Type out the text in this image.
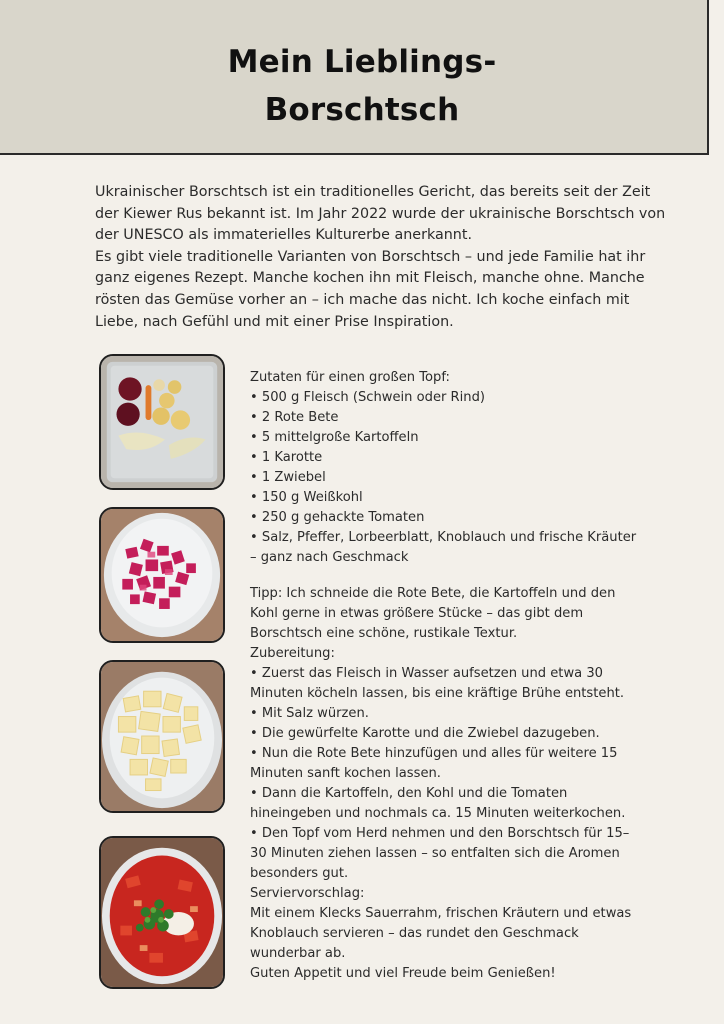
Mein Lieblings-
Borschtsch

Ukrainischer Borschtsch ist ein traditionelles Gericht, das bereits seit der Zeit der Kiewer Rus bekannt ist. Im Jahr 2022 wurde der ukrainische Borschtsch von der UNESCO als immaterielles Kulturerbe anerkannt.

Es gibt viele traditionelle Varianten von Borschtsch – und jede Familie hat ihr ganz eigenes Rezept. Manche kochen ihn mit Fleisch, manche ohne. Manche rösten das Gemüse vorher an – ich mache das nicht. Ich koche einfach mit Liebe, nach Gefühl und mit einer Prise Inspiration.

Zutaten für einen großen Topf:
• 500 g Fleisch (Schwein oder Rind)
• 2 Rote Bete
• 5 mittelgroße Kartoffeln
• 1 Karotte
• 1 Zwiebel
• 150 g Weißkohl
• 250 g gehackte Tomaten
• Salz, Pfeffer, Lorbeerblatt, Knoblauch und frische Kräuter
– ganz nach Geschmack
Tipp: Ich schneide die Rote Bete, die Kartoffeln und den
Kohl gerne in etwas größere Stücke – das gibt dem
Borschtsch eine schöne, rustikale Textur.
Zubereitung:
• Zuerst das Fleisch in Wasser aufsetzen und etwa 30
Minuten köcheln lassen, bis eine kräftige Brühe entsteht.
• Mit Salz würzen.
• Die gewürfelte Karotte und die Zwiebel dazugeben.
• Nun die Rote Bete hinzufügen und alles für weitere 15
Minuten sanft kochen lassen.
• Dann die Kartoffeln, den Kohl und die Tomaten
hineingeben und nochmals ca. 15 Minuten weiterkochen.
• Den Topf vom Herd nehmen und den Borschtsch für 15–
30 Minuten ziehen lassen – so entfalten sich die Aromen
besonders gut.
Serviervorschlag:
Mit einem Klecks Sauerrahm, frischen Kräutern und etwas
Knoblauch servieren – das rundet den Geschmack
wunderbar ab.
Guten Appetit und viel Freude beim Genießen!
